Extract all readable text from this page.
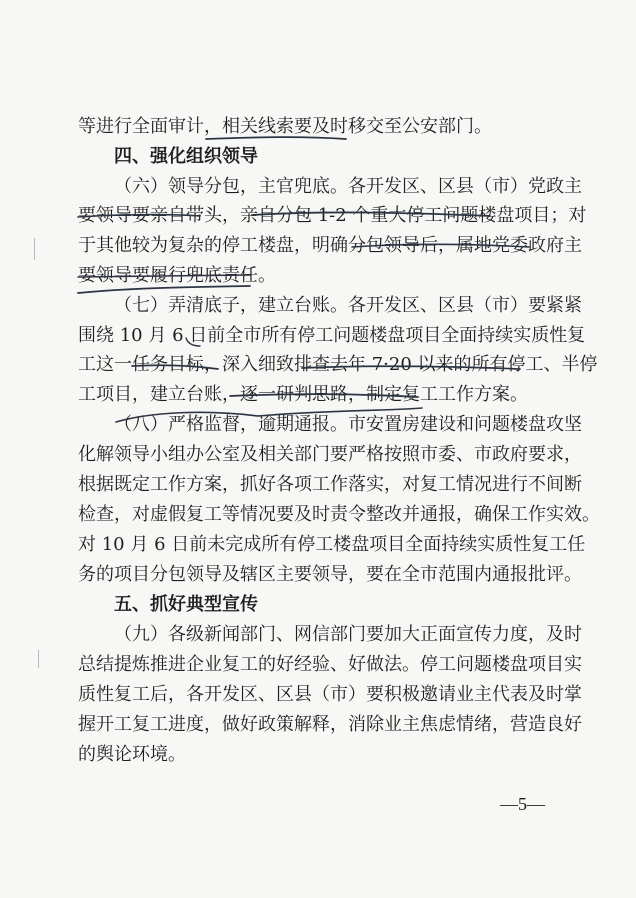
等进行全面审计，相关线索要及时移交至公安部门。
四、强化组织领导
（六）领导分包，主官兜底。各开发区、区县（市）党政主
要领导要亲自带头，亲自分包 1-2 个重大停工问题楼盘项目；对
于其他较为复杂的停工楼盘，明确分包领导后，属地党委政府主
要领导要履行兜底责任。
（七）弄清底子，建立台账。各开发区、区县（市）要紧紧
围绕 10 月 6 日前全市所有停工问题楼盘项目全面持续实质性复
工这一任务目标，深入细致排查去年 7·20 以来的所有停工、半停
工项目，建立台账，逐一研判思路，制定复工工作方案。
（八）严格监督，逾期通报。市安置房建设和问题楼盘攻坚
化解领导小组办公室及相关部门要严格按照市委、市政府要求，
根据既定工作方案，抓好各项工作落实，对复工情况进行不间断
检查，对虚假复工等情况要及时责令整改并通报，确保工作实效。
对 10 月 6 日前未完成所有停工楼盘项目全面持续实质性复工任
务的项目分包领导及辖区主要领导，要在全市范围内通报批评。
五、抓好典型宣传
（九）各级新闻部门、网信部门要加大正面宣传力度，及时
总结提炼推进企业复工的好经验、好做法。停工问题楼盘项目实
质性复工后，各开发区、区县（市）要积极邀请业主代表及时掌
握开工复工进度，做好政策解释，消除业主焦虑情绪，营造良好
的舆论环境。
—5—
